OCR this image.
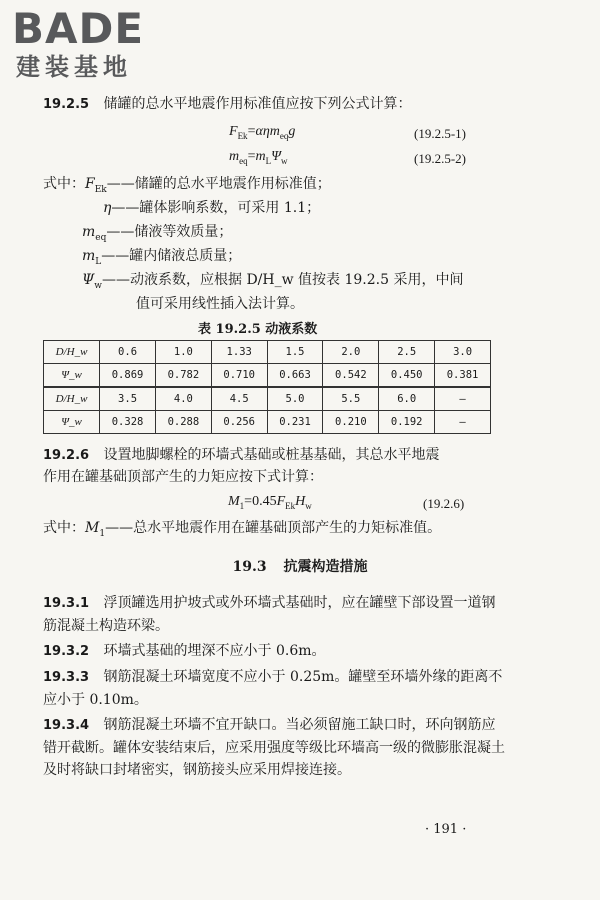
BADE
建装基地
19.2.5 储罐的总水平地震作用标准值应按下列公式计算：
$F_{Ek}=\alpha\eta m_{eq}g$	(19.2.5-1)
$m_{eq}=m_L\Psi_w$	(19.2.5-2)
式中：$F_{Ek}——$储罐的总水平地震作用标准值；
η——罐体影响系数，可采用 1.1；
$m_{eq}——$储液等效质量；
$m_L——$罐内储液总质量；
$\Psi_w——$动液系数，应根据 D/H_w 值按表 19.2.5 采用，中间
值可采用线性插入法计算。
表 19.2.5 动液系数
D/H_w	0.6	1.0	1.33	1.5	2.0	2.5	3.0
Ψ_w	0.869	0.782	0.710	0.663	0.542	0.450	0.381
D/H_w	3.5	4.0	4.5	5.0	5.5	6.0	—
Ψ_w	0.328	0.288	0.256	0.231	0.210	0.192	—
19.2.6 设置地脚螺栓的环墙式基础或桩基基础，其总水平地震
作用在罐基础顶部产生的力矩应按下式计算：
$M_1=0.45F_{Ek}H_w$	(19.2.6)
式中：$M_1——$总水平地震作用在罐基础顶部产生的力矩标准值。
19.3 抗震构造措施
19.3.1 浮顶罐选用护坡式或外环墙式基础时，应在罐壁下部设置一道钢筋混凝土构造环梁。
19.3.2 环墙式基础的埋深不应小于 0.6m。
19.3.3 钢筋混凝土环墙宽度不应小于 0.25m。罐壁至环墙外缘的距离不应小于 0.10m。
19.3.4 钢筋混凝土环墙不宜开缺口。当必须留施工缺口时，环向钢筋应错开截断。罐体安装结束后，应采用强度等级比环墙高一级的微膨胀混凝土及时将缺口封堵密实，钢筋接头应采用焊接连接。
· 191 ·
